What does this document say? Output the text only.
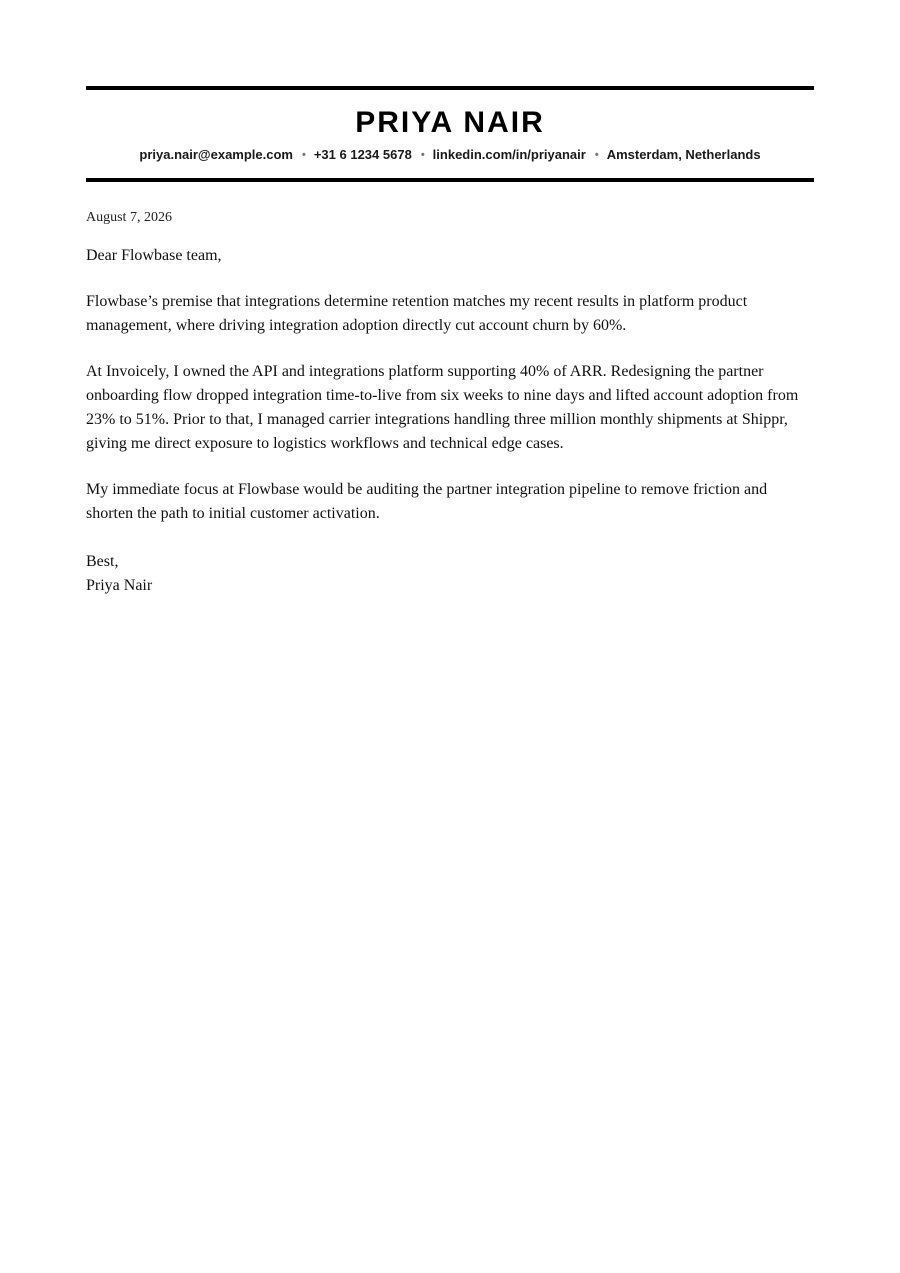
PRIYA NAIR
priya.nair@example.com • +31 6 1234 5678 • linkedin.com/in/priyanair • Amsterdam, Netherlands
August 7, 2026
Dear Flowbase team,
Flowbase’s premise that integrations determine retention matches my recent results in platform product management, where driving integration adoption directly cut account churn by 60%.
At Invoicely, I owned the API and integrations platform supporting 40% of ARR. Redesigning the partner onboarding flow dropped integration time-to-live from six weeks to nine days and lifted account adoption from 23% to 51%. Prior to that, I managed carrier integrations handling three million monthly shipments at Shippr, giving me direct exposure to logistics workflows and technical edge cases.
My immediate focus at Flowbase would be auditing the partner integration pipeline to remove friction and shorten the path to initial customer activation.
Best,
Priya Nair
